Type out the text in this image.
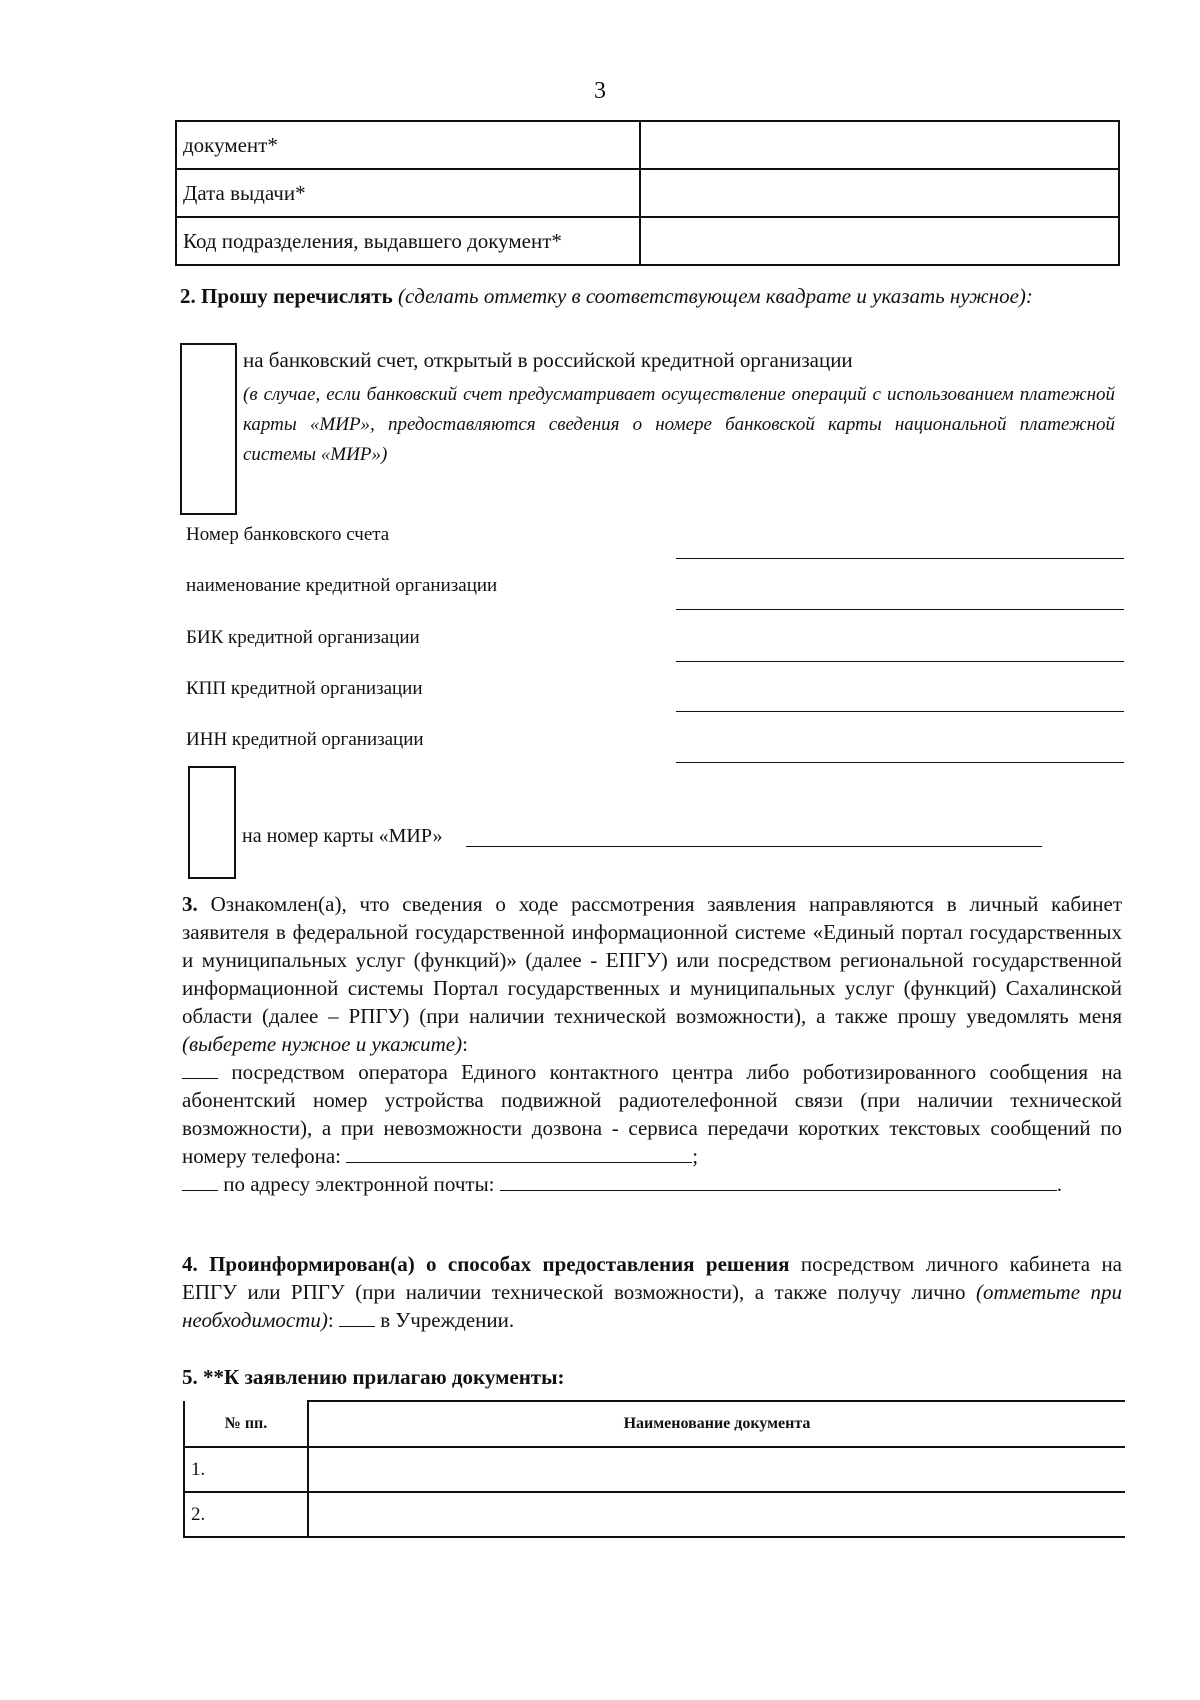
3
документ*	
Дата выдачи*	
Код подразделения, выдавшего документ*	
2. Прошу перечислять (сделать отметку в соответствующем квадрате и указать нужное):
на банковский счет, открытый в российской кредитной организации
(в случае, если банковский счет предусматривает осуществление операций с использованием платежной карты «МИР», предоставляются сведения о номере банковской карты национальной платежной системы «МИР»)
Номер банковского счета
наименование кредитной организации
БИК кредитной организации
КПП кредитной организации
ИНН кредитной организации
на номер карты «МИР»
3. Ознакомлен(а), что сведения о ходе рассмотрения заявления направляются в личный кабинет заявителя в федеральной государственной информационной системе «Единый портал государственных и муниципальных услуг (функций)» (далее - ЕПГУ) или посредством региональной государственной информационной системы Портал государственных и муниципальных услуг (функций) Сахалинской области (далее – РПГУ) (при наличии технической возможности), а также прошу уведомлять меня (выберете нужное и укажите):
посредством оператора Единого контактного центра либо роботизированного сообщения на абонентский номер устройства подвижной радиотелефонной связи (при наличии технической возможности), а при невозможности дозвона - сервиса передачи коротких текстовых сообщений по номеру телефона:	;
по адресу электронной почты:	.
4. Проинформирован(а) о способах предоставления решения посредством личного кабинета на ЕПГУ или РПГУ (при наличии технической возможности), а также получу лично (отметьте при необходимости): в Учреждении.
5. **К заявлению прилагаю документы:
№ пп.	Наименование документа
1.	
2.	
